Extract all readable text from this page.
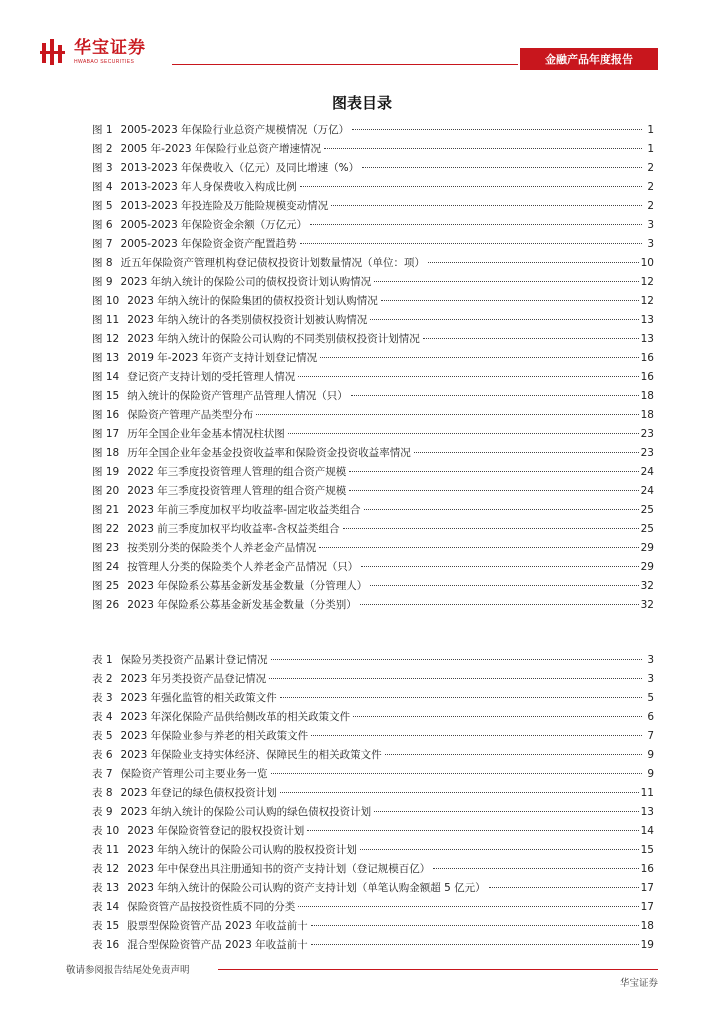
华宝证券
HWABAO SECURITIES	金融产品年度报告
图表目录
图 1 2005-2023 年保险行业总资产规模情况（万亿）	1
图 2 2005 年-2023 年保险行业总资产增速情况	1
图 3 2013-2023 年保费收入（亿元）及同比增速（%）	2
图 4 2013-2023 年人身保费收入构成比例	2
图 5 2013-2023 年投连险及万能险规模变动情况	2
图 6 2005-2023 年保险资金余额（万亿元）	3
图 7 2005-2023 年保险资金资产配置趋势	3
图 8 近五年保险资产管理机构登记债权投资计划数量情况（单位：项）	10
图 9 2023 年纳入统计的保险公司的债权投资计划认购情况	12
图 10 2023 年纳入统计的保险集团的债权投资计划认购情况	12
图 11 2023 年纳入统计的各类别债权投资计划被认购情况	13
图 12 2023 年纳入统计的保险公司认购的不同类别债权投资计划情况	13
图 13 2019 年-2023 年资产支持计划登记情况	16
图 14 登记资产支持计划的受托管理人情况	16
图 15 纳入统计的保险资产管理产品管理人情况（只）	18
图 16 保险资产管理产品类型分布	18
图 17 历年全国企业年金基本情况柱状图	23
图 18 历年全国企业年金基金投资收益率和保险资金投资收益率情况	23
图 19 2022 年三季度投资管理人管理的组合资产规模	24
图 20 2023 年三季度投资管理人管理的组合资产规模	24
图 21 2023 年前三季度加权平均收益率-固定收益类组合	25
图 22 2023 前三季度加权平均收益率-含权益类组合	25
图 23 按类别分类的保险类个人养老金产品情况	29
图 24 按管理人分类的保险类个人养老金产品情况（只）	29
图 25 2023 年保险系公募基金新发基金数量（分管理人）	32
图 26 2023 年保险系公募基金新发基金数量（分类别）	32
表 1 保险另类投资产品累计登记情况	3
表 2 2023 年另类投资产品登记情况	3
表 3 2023 年强化监管的相关政策文件	5
表 4 2023 年深化保险产品供给侧改革的相关政策文件	6
表 5 2023 年保险业参与养老的相关政策文件	7
表 6 2023 年保险业支持实体经济、保障民生的相关政策文件	9
表 7 保险资产管理公司主要业务一览	9
表 8 2023 年登记的绿色债权投资计划	11
表 9 2023 年纳入统计的保险公司认购的绿色债权投资计划	13
表 10 2023 年保险资管登记的股权投资计划	14
表 11 2023 年纳入统计的保险公司认购的股权投资计划	15
表 12 2023 年中保登出具注册通知书的资产支持计划（登记规模百亿）	16
表 13 2023 年纳入统计的保险公司认购的资产支持计划（单笔认购金额超 5 亿元）	17
表 14 保险资管产品按投资性质不同的分类	17
表 15 股票型保险资管产品 2023 年收益前十	18
表 16 混合型保险资管产品 2023 年收益前十	19
敬请参阅报告结尾处免责声明
华宝证券
